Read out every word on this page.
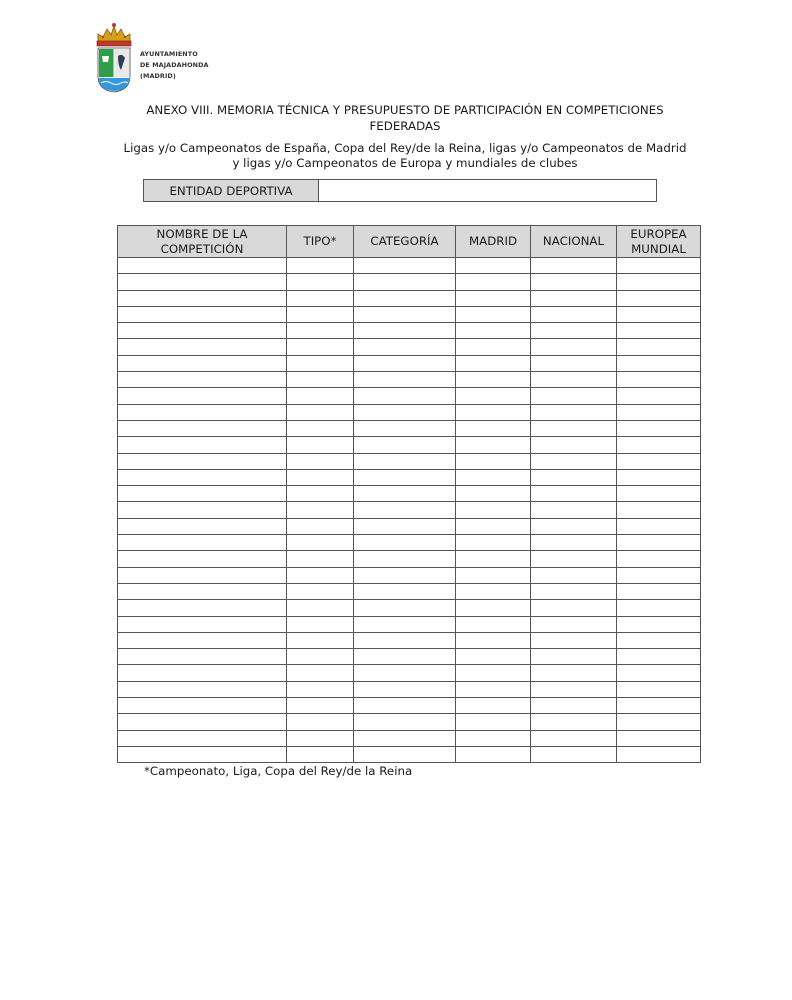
AYUNTAMIENTO
DE MAJADAHONDA
(MADRID)
ANEXO VIII. MEMORIA TÉCNICA Y PRESUPUESTO DE PARTICIPACIÓN EN COMPETICIONES FEDERADAS
Ligas y/o Campeonatos de España, Copa del Rey/de la Reina, ligas y/o Campeonatos de Madrid y ligas y/o Campeonatos de Europa y mundiales de clubes
ENTIDAD DEPORTIVA
NOMBRE DE LA COMPETICIÓN	TIPO*	CATEGORÍA	MADRID	NACIONAL	EUROPEA MUNDIAL

*Campeonato, Liga, Copa del Rey/de la Reina
